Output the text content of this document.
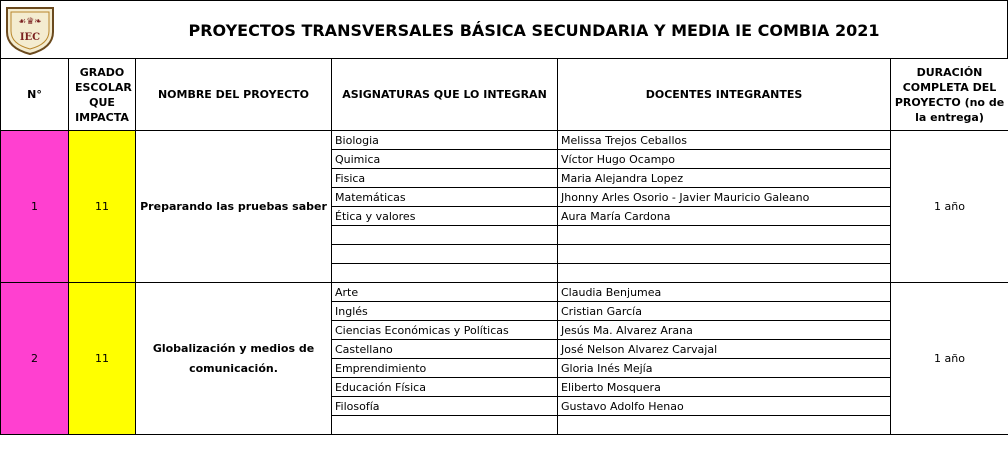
☙♛❧
IEC	PROYECTOS TRANSVERSALES BÁSICA SECUNDARIA Y MEDIA IE COMBIA 2021
N°	GRADO ESCOLAR QUE IMPACTA	NOMBRE DEL PROYECTO	ASIGNATURAS QUE LO INTEGRAN	DOCENTES INTEGRANTES	DURACIÓN COMPLETA DEL PROYECTO (no de la entrega)
1	11	Preparando las pruebas saber	Biologia	Melissa Trejos Ceballos	1 año
			Quimica	Víctor Hugo Ocampo	
			Fisica	Maria Alejandra Lopez	
			Matemáticas	Jhonny Arles Osorio - Javier Mauricio Galeano	
			Ética y valores	Aura María Cardona	

2	11	Globalización y medios de comunicación.	Arte	Claudia Benjumea	1 año
			Inglés	Cristian García	
			Ciencias Económicas y Políticas	Jesús Ma. Alvarez Arana	
			Castellano	José Nelson Alvarez Carvajal	
			Emprendimiento	Gloria Inés Mejía	
			Educación Física	Eliberto Mosquera	
			Filosofía	Gustavo Adolfo Henao	
